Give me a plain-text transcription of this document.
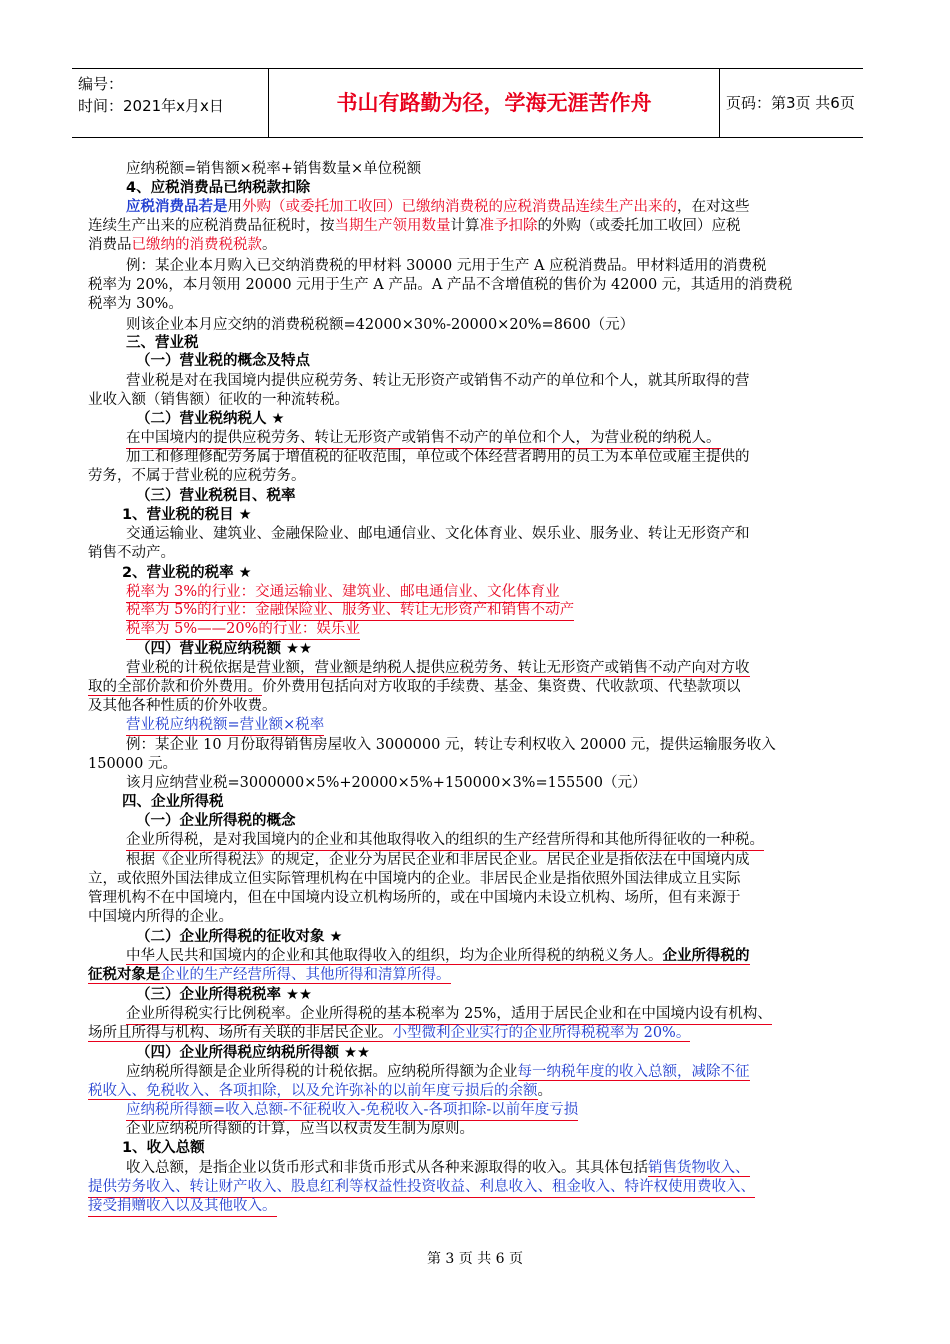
编号：
时间：2021年x月x日	书山有路勤为径，学海无涯苦作舟	页码：第3页 共6页
应纳税额=销售额×税率+销售数量×单位税额
4、应税消费品已纳税款扣除
应税消费品若是用外购（或委托加工收回）已缴纳消费税的应税消费品连续生产出来的，在对这些
连续生产出来的应税消费品征税时，按当期生产领用数量计算准予扣除的外购（或委托加工收回）应税
消费品已缴纳的消费税税款。
例：某企业本月购入已交纳消费税的甲材料 30000 元用于生产 A 应税消费品。甲材料适用的消费税
税率为 20%，本月领用 20000 元用于生产 A 产品。A 产品不含增值税的售价为 42000 元，其适用的消费税
税率为 30%。
则该企业本月应交纳的消费税税额=42000×30%-20000×20%=8600（元）
三、营业税
（一）营业税的概念及特点
营业税是对在我国境内提供应税劳务、转让无形资产或销售不动产的单位和个人，就其所取得的营
业收入额（销售额）征收的一种流转税。
（二）营业税纳税人 ★
在中国境内的提供应税劳务、转让无形资产或销售不动产的单位和个人，为营业税的纳税人。
加工和修理修配劳务属于增值税的征收范围，单位或个体经营者聘用的员工为本单位或雇主提供的
劳务，不属于营业税的应税劳务。
（三）营业税税目、税率
1、营业税的税目 ★
交通运输业、建筑业、金融保险业、邮电通信业、文化体育业、娱乐业、服务业、转让无形资产和
销售不动产。
2、营业税的税率 ★
税率为 3%的行业：交通运输业、建筑业、邮电通信业、文化体育业
税率为 5%的行业：金融保险业、服务业、转让无形资产和销售不动产
税率为 5%——20%的行业：娱乐业
（四）营业税应纳税额 ★★
营业税的计税依据是营业额，营业额是纳税人提供应税劳务、转让无形资产或销售不动产向对方收
取的全部价款和价外费用。价外费用包括向对方收取的手续费、基金、集资费、代收款项、代垫款项以
及其他各种性质的价外收费。
营业税应纳税额=营业额×税率
例：某企业 10 月份取得销售房屋收入 3000000 元，转让专利权收入 20000 元，提供运输服务收入
150000 元。
该月应纳营业税=3000000×5%+20000×5%+150000×3%=155500（元）
四、企业所得税
（一）企业所得税的概念
企业所得税，是对我国境内的企业和其他取得收入的组织的生产经营所得和其他所得征收的一种税。
根据《企业所得税法》的规定，企业分为居民企业和非居民企业。居民企业是指依法在中国境内成
立，或依照外国法律成立但实际管理机构在中国境内的企业。非居民企业是指依照外国法律成立且实际
管理机构不在中国境内，但在中国境内设立机构场所的，或在中国境内未设立机构、场所，但有来源于
中国境内所得的企业。
（二）企业所得税的征收对象 ★
中华人民共和国境内的企业和其他取得收入的组织，均为企业所得税的纳税义务人。企业所得税的
征税对象是企业的生产经营所得、其他所得和清算所得。
（三）企业所得税税率 ★★
企业所得税实行比例税率。企业所得税的基本税率为 25%，适用于居民企业和在中国境内设有机构、
场所且所得与机构、场所有关联的非居民企业。小型微利企业实行的企业所得税税率为 20%。
（四）企业所得税应纳税所得额 ★★
应纳税所得额是企业所得税的计税依据。应纳税所得额为企业每一纳税年度的收入总额，减除不征
税收入、免税收入、各项扣除，以及允许弥补的以前年度亏损后的余额。
应纳税所得额=收入总额-不征税收入-免税收入-各项扣除-以前年度亏损
企业应纳税所得额的计算，应当以权责发生制为原则。
1、收入总额
收入总额，是指企业以货币形式和非货币形式从各种来源取得的收入。其具体包括销售货物收入、
提供劳务收入、转让财产收入、股息红利等权益性投资收益、利息收入、租金收入、特许权使用费收入、
接受捐赠收入以及其他收入。
第 3 页 共 6 页
